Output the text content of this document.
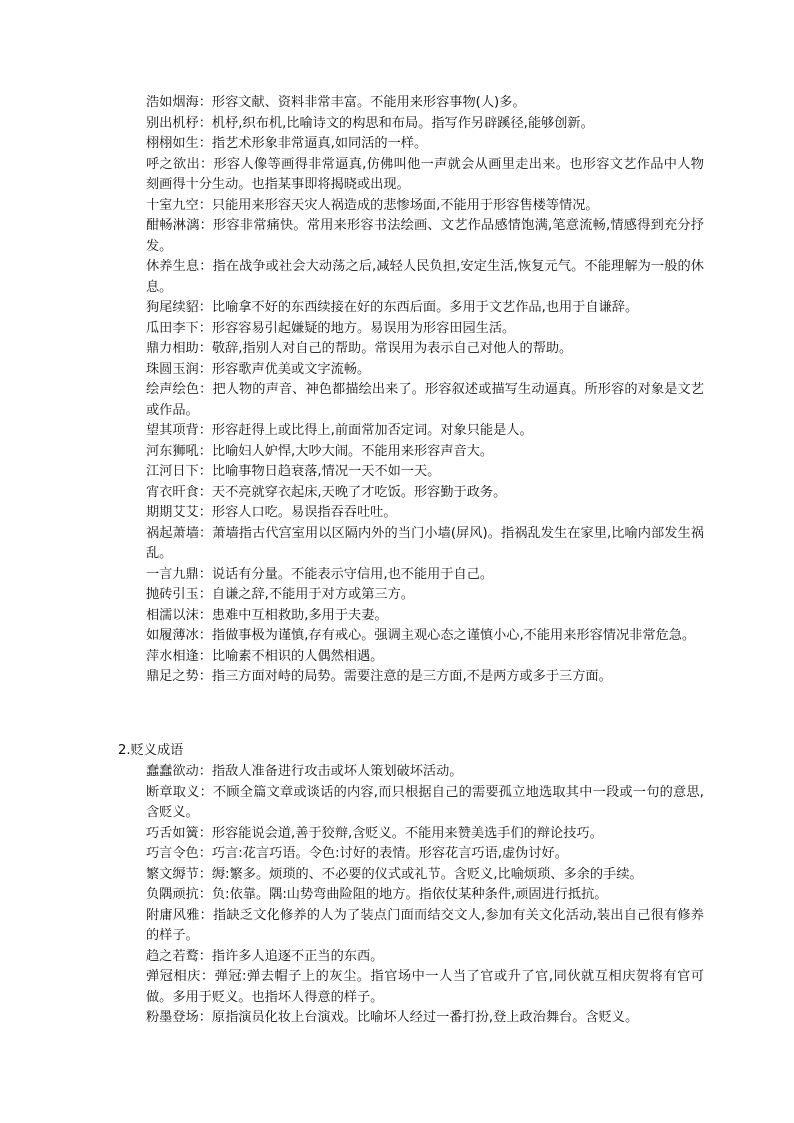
浩如烟海：形容文献、资料非常丰富。不能用来形容事物(人)多。

别出机杼：机杼,织布机,比喻诗文的构思和布局。指写作另辟蹊径,能够创新。

栩栩如生：指艺术形象非常逼真,如同活的一样。

呼之欲出：形容人像等画得非常逼真,仿佛叫他一声就会从画里走出来。也形容文艺作品中人物刻画得十分生动。也指某事即将揭晓或出现。

十室九空：只能用来形容天灾人祸造成的悲惨场面,不能用于形容售楼等情况。

酣畅淋漓：形容非常痛快。常用来形容书法绘画、文艺作品感情饱满,笔意流畅,情感得到充分抒发。

休养生息：指在战争或社会大动荡之后,减轻人民负担,安定生活,恢复元气。不能理解为一般的休息。

狗尾续貂：比喻拿不好的东西续接在好的东西后面。多用于文艺作品,也用于自谦辞。

瓜田李下：形容容易引起嫌疑的地方。易误用为形容田园生活。

鼎力相助：敬辞,指别人对自己的帮助。常误用为表示自己对他人的帮助。

珠圆玉润：形容歌声优美或文字流畅。

绘声绘色：把人物的声音、神色都描绘出来了。形容叙述或描写生动逼真。所形容的对象是文艺或作品。

望其项背：形容赶得上或比得上,前面常加否定词。对象只能是人。

河东狮吼：比喻妇人妒悍,大吵大闹。不能用来形容声音大。

江河日下：比喻事物日趋衰落,情况一天不如一天。

宵衣旰食：天不亮就穿衣起床,天晚了才吃饭。形容勤于政务。

期期艾艾：形容人口吃。易误指吞吞吐吐。

祸起萧墙：萧墙指古代宫室用以区隔内外的当门小墙(屏风)。指祸乱发生在家里,比喻内部发生祸乱。

一言九鼎：说话有分量。不能表示守信用,也不能用于自己。

抛砖引玉：自谦之辞,不能用于对方或第三方。

相濡以沫：患难中互相救助,多用于夫妻。

如履薄冰：指做事极为谨慎,存有戒心。强调主观心态之谨慎小心,不能用来形容情况非常危急。

萍水相逢：比喻素不相识的人偶然相遇。

鼎足之势：指三方面对峙的局势。需要注意的是三方面,不是两方或多于三方面。

2.贬义成语

蠢蠢欲动：指敌人准备进行攻击或坏人策划破坏活动。

断章取义：不顾全篇文章或谈话的内容,而只根据自己的需要孤立地选取其中一段或一句的意思,含贬义。

巧舌如簧：形容能说会道,善于狡辩,含贬义。不能用来赞美选手们的辩论技巧。

巧言令色：巧言:花言巧语。令色:讨好的表情。形容花言巧语,虚伪讨好。

繁文缛节：缛:繁多。烦琐的、不必要的仪式或礼节。含贬义,比喻烦琐、多余的手续。

负隅顽抗：负:依靠。隅:山势弯曲险阻的地方。指依仗某种条件,顽固进行抵抗。

附庸风雅：指缺乏文化修养的人为了装点门面而结交文人,参加有关文化活动,装出自己很有修养的样子。

趋之若鹜：指许多人追逐不正当的东西。

弹冠相庆：弹冠:弹去帽子上的灰尘。指官场中一人当了官或升了官,同伙就互相庆贺将有官可做。多用于贬义。也指坏人得意的样子。

粉墨登场：原指演员化妆上台演戏。比喻坏人经过一番打扮,登上政治舞台。含贬义。
